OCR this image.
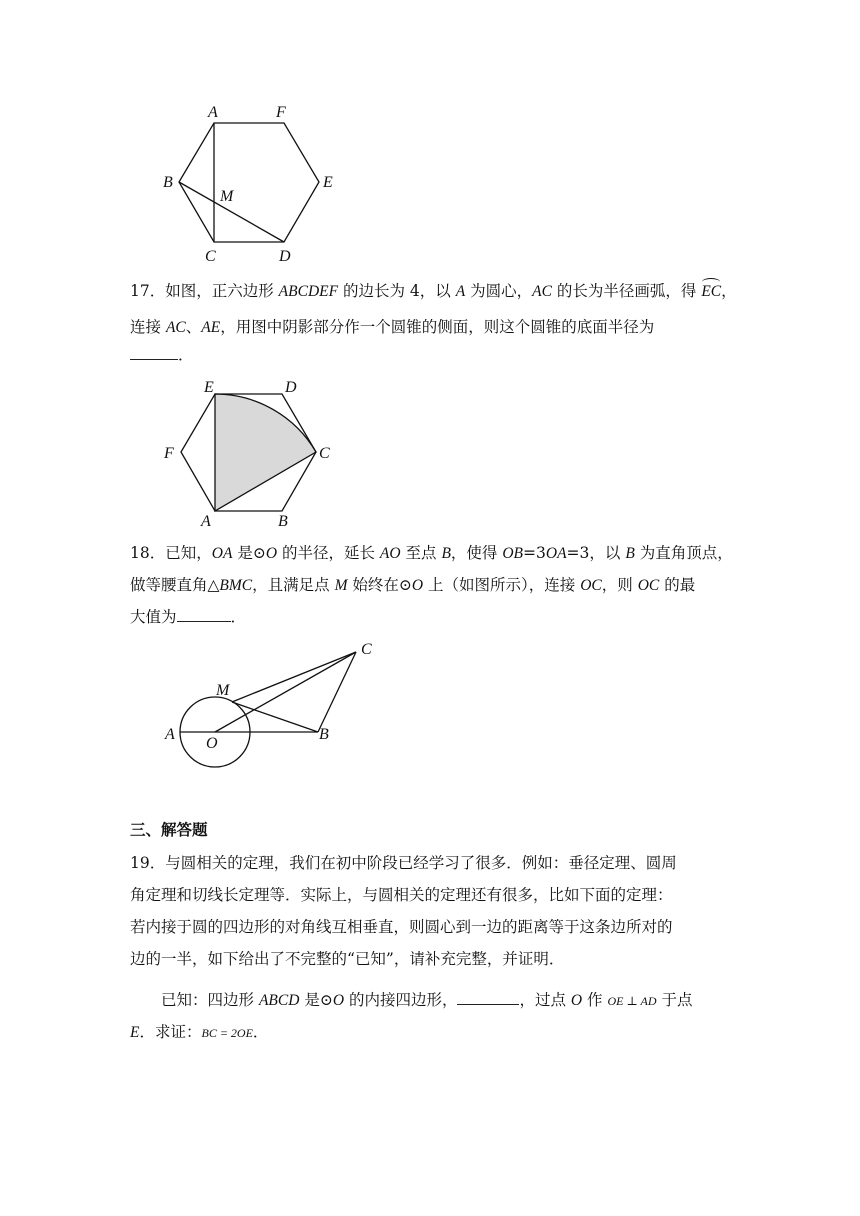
A	F
B
M
E
C	D
17．如图，正六边形 ABCDEF 的边长为 4，以 A 为圆心，AC 的长为半径画弧，得 EC，
连接 AC、AE，用图中阴影部分作一个圆锥的侧面，则这个圆锥的底面半径为
．
E	D
F	C
A	B
18．已知，OA 是⊙O 的半径，延长 AO 至点 B，使得 OB=3OA=3，以 B 为直角顶点，
做等腰直角△BMC，且满足点 M 始终在⊙O 上（如图所示），连接 OC，则 OC 的最
大值为	．
C
M
A
O
B
三、解答题
19．与圆相关的定理，我们在初中阶段已经学习了很多．例如：垂径定理、圆周
角定理和切线长定理等．实际上，与圆相关的定理还有很多，比如下面的定理：
若内接于圆的四边形的对角线互相垂直，则圆心到一边的距离等于这条边所对的
边的一半，如下给出了不完整的“已知”，请补充完整，并证明．
已知：四边形 ABCD 是⊙O 的内接四边形，	，过点 O 作 OE ⊥ AD 于点
E．求证：BC = 2OE．
